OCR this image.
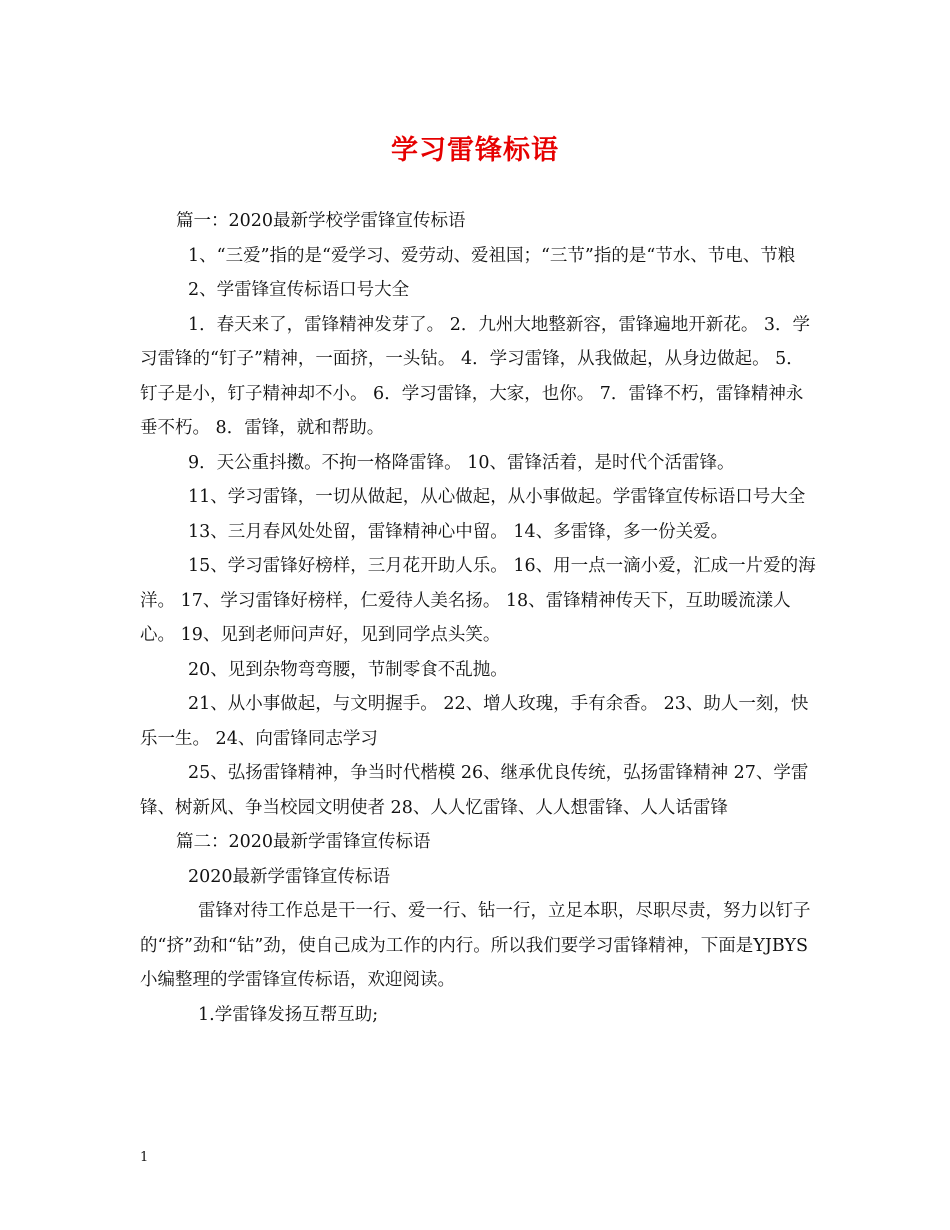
学习雷锋标语

篇一：2020最新学校学雷锋宣传标语

1、“三爱”指的是“爱学习、爱劳动、爱祖国；“三节”指的是“节水、节电、节粮

2、学雷锋宣传标语口号大全

1．春天来了，雷锋精神发芽了。 2．九州大地整新容，雷锋遍地开新花。 3．学习雷锋的“钉子”精神，一面挤，一头钻。 4．学习雷锋，从我做起，从身边做起。 5．钉子是小，钉子精神却不小。 6．学习雷锋，大家，也你。 7．雷锋不朽，雷锋精神永垂不朽。 8．雷锋，就和帮助。

9．天公重抖擞。不拘一格降雷锋。 10、雷锋活着，是时代个活雷锋。

11、学习雷锋，一切从做起，从心做起，从小事做起。学雷锋宣传标语口号大全

13、三月春风处处留，雷锋精神心中留。 14、多雷锋，多一份关爱。

15、学习雷锋好榜样，三月花开助人乐。 16、用一点一滴小爱，汇成一片爱的海洋。 17、学习雷锋好榜样，仁爱待人美名扬。 18、雷锋精神传天下，互助暖流漾人心。 19、见到老师问声好，见到同学点头笑。

20、见到杂物弯弯腰，节制零食不乱抛。

21、从小事做起，与文明握手。 22、增人玫瑰，手有余香。 23、助人一刻，快乐一生。 24、向雷锋同志学习

25、弘扬雷锋精神，争当时代楷模 26、继承优良传统，弘扬雷锋精神 27、学雷锋、树新风、争当校园文明使者 28、人人忆雷锋、人人想雷锋、人人话雷锋

篇二：2020最新学雷锋宣传标语

2020最新学雷锋宣传标语

雷锋对待工作总是干一行、爱一行、钻一行，立足本职，尽职尽责，努力以钉子的“挤”劲和“钻”劲，使自己成为工作的内行。所以我们要学习雷锋精神，下面是YJBYS小编整理的学雷锋宣传标语，欢迎阅读。

1.学雷锋发扬互帮互助;

1
